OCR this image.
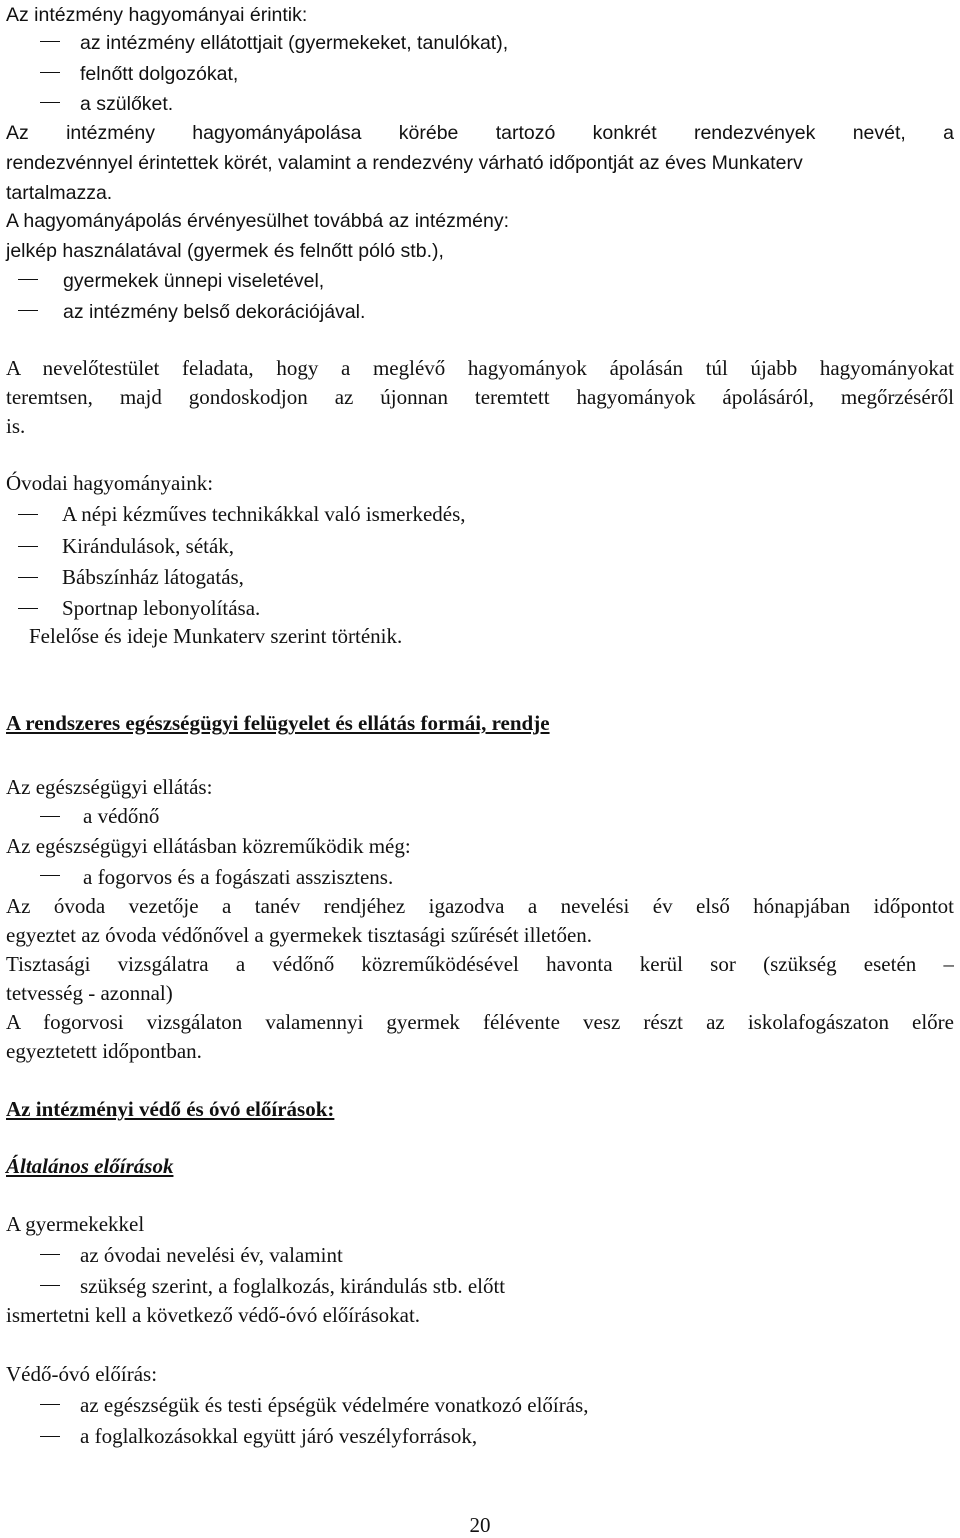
Az intézmény hagyományai érintik:
az intézmény ellátottjait (gyermekeket, tanulókat),
felnőtt dolgozókat,
a szülőket.
Az intézmény hagyományápolása körébe tartozó konkrét rendezvények nevét, a
rendezvénnyel érintettek körét, valamint a rendezvény várható időpontját az éves Munkaterv
tartalmazza.
A hagyományápolás érvényesülhet továbbá az intézmény:
jelkép használatával (gyermek és felnőtt póló stb.),
gyermekek ünnepi viseletével,
az intézmény belső dekorációjával.
A nevelőtestület feladata, hogy a meglévő hagyományok ápolásán túl újabb hagyományokat
teremtsen, majd gondoskodjon az újonnan teremtett hagyományok ápolásáról, megőrzéséről
is.
Óvodai hagyományaink:
A népi kézműves technikákkal való ismerkedés,
Kirándulások, séták,
Bábszínház látogatás,
Sportnap lebonyolítása.
Felelőse és ideje Munkaterv szerint történik.
A rendszeres egészségügyi felügyelet és ellátás formái, rendje
Az egészségügyi ellátás:
a védőnő
Az egészségügyi ellátásban közreműködik még:
a fogorvos és a fogászati asszisztens.
Az óvoda vezetője a tanév rendjéhez igazodva a nevelési év első hónapjában időpontot
egyeztet az óvoda védőnővel a gyermekek tisztasági szűrését illetően.
Tisztasági vizsgálatra a védőnő közreműködésével havonta kerül sor (szükség esetén –
tetvesség - azonnal)
A fogorvosi vizsgálaton valamennyi gyermek félévente vesz részt az iskolafogászaton előre
egyeztetett időpontban.
Az intézményi védő és óvó előírások:
Általános előírások
A gyermekekkel
az óvodai nevelési év, valamint
szükség szerint, a foglalkozás, kirándulás stb. előtt
ismertetni kell a következő védő-óvó előírásokat.
Védő-óvó előírás:
az egészségük és testi épségük védelmére vonatkozó előírás,
a foglalkozásokkal együtt járó veszélyforrások,
20
